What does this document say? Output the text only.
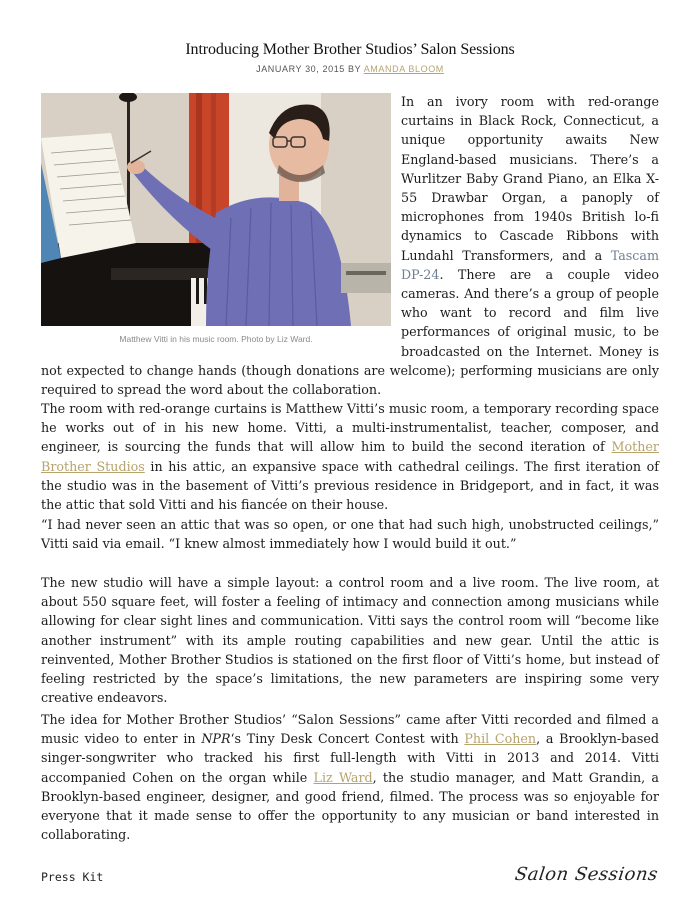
Introducing Mother Brother Studios’ Salon Sessions
JANUARY 30, 2015 BY AMANDA BLOOM
Matthew Vitti in his music room. Photo by Liz Ward.

In an ivory room with red-orange curtains in Black Rock, Connecticut, a unique opportunity awaits New England-based musicians. There’s a Wurlitzer Baby Grand Piano, an Elka X-55 Drawbar Organ, a panoply of microphones from 1940s British lo-fi dynamics to Cascade Ribbons with Lundahl Transformers, and a Tascam DP-24. There are a couple video cameras. And there’s a group of people who want to record and film live performances of original music, to be broadcasted on the Internet. Money is not expected to change hands (though donations are welcome); performing musicians are only required to spread the word about the collaboration.

The room with red-orange curtains is Matthew Vitti’s music room, a temporary recording space he works out of in his new home. Vitti, a multi-instrumentalist, teacher, composer, and engineer, is sourcing the funds that will allow him to build the second iteration of Mother Brother Studios in his attic, an expansive space with cathedral ceilings. The first iteration of the studio was in the basement of Vitti’s previous residence in Bridgeport, and in fact, it was the attic that sold Vitti and his fiancée on their house.

“I had never seen an attic that was so open, or one that had such high, unobstructed ceilings,” Vitti said via email. “I knew almost immediately how I would build it out.”

The new studio will have a simple layout: a control room and a live room. The live room, at about 550 square feet, will foster a feeling of intimacy and connection among musicians while allowing for clear sight lines and communication. Vitti says the control room will “become like another instrument” with its ample routing capabilities and new gear. Until the attic is reinvented, Mother Brother Studios is stationed on the first floor of Vitti’s home, but instead of feeling restricted by the space’s limitations, the new parameters are inspiring some very creative endeavors.

The idea for Mother Brother Studios’ “Salon Sessions” came after Vitti recorded and filmed a music video to enter in NPR‘s Tiny Desk Concert Contest with Phil Cohen, a Brooklyn-based singer-songwriter who tracked his first full-length with Vitti in 2013 and 2014. Vitti accompanied Cohen on the organ while Liz Ward, the studio manager, and Matt Grandin, a Brooklyn-based engineer, designer, and good friend, filmed. The process was so enjoyable for everyone that it made sense to offer the opportunity to any musician or band interested in collaborating.

Press Kit	Salon Sessions
